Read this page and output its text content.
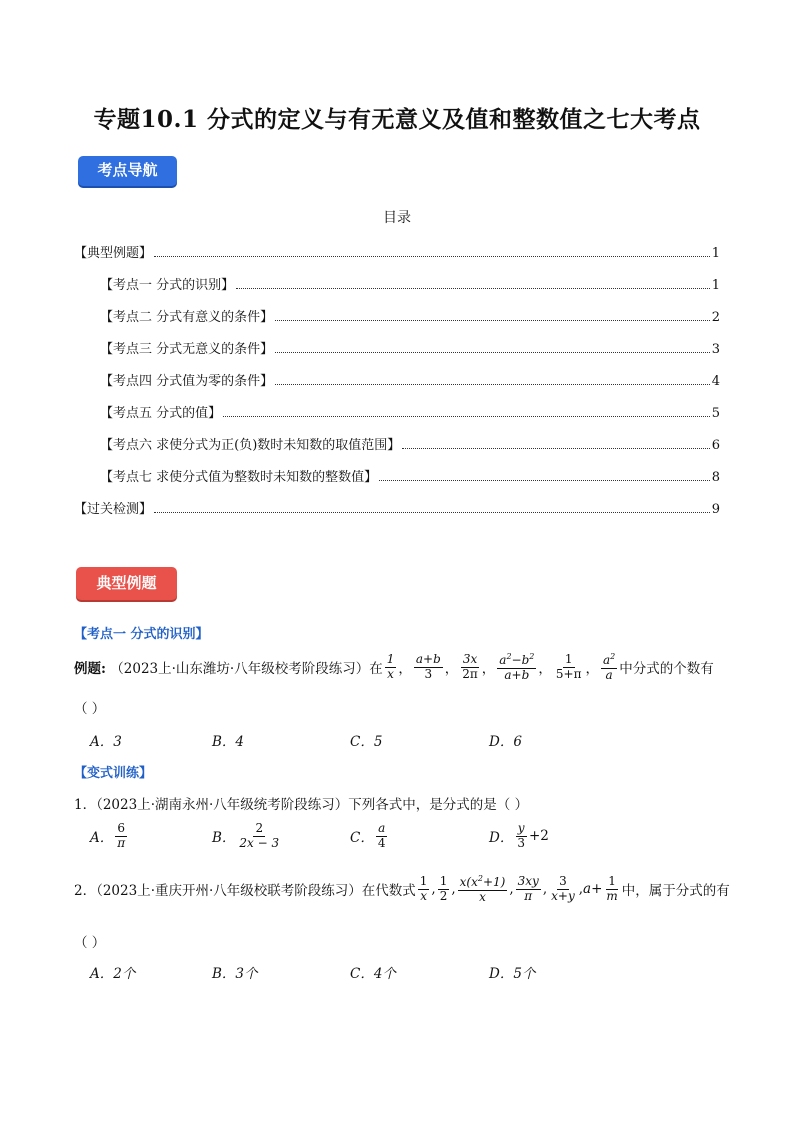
专题10.1 分式的定义与有无意义及值和整数值之七大考点
考点导航
目录
【典型例题】	1
【考点一 分式的识别】	1
【考点二 分式有意义的条件】	2
【考点三 分式无意义的条件】	3
【考点四 分式值为零的条件】	4
【考点五 分式的值】	5
【考点六 求使分式为正(负)数时未知数的取值范围】	6
【考点七 求使分式值为整数时未知数的整数值】	8
【过关检测】	9
典型例题
【考点一 分式的识别】
例题:
（2023上·山东潍坊·八年级校考阶段练习）在 $\frac{1}{x}$ ， $\frac{a+b}{3}$ ， $\frac{3x}{2\pi}$ ， $\frac{a^2-b^2}{a+b}$ ， $\frac{1}{5+\pi}$ ， $\frac{a^2}{a}$ 中分式的个数有
（ ）
A．3	B．4	C．5	D．6
【变式训练】
1．（2023上·湖南永州·八年级统考阶段练习）下列各式中，是分式的是（ ）
A． $\frac{6}{\pi}$	B． $\frac{2}{2x - 3}$	C． $\frac{a}{4}$	D． $\frac{y}{3} +2$
2．（2023上·重庆开州·八年级校联考阶段练习）在代数式 $\frac{1}{x}$ , $\frac{1}{2}$ , $\frac{x(x^2+1)}{x}$ , $\frac{3xy}{\pi}$ , $\frac{3}{x+y}$ , $a + \frac{1}{m}$ 中，属于分式的有
（ ）
A．2个	B．3个	C．4个	D．5个
